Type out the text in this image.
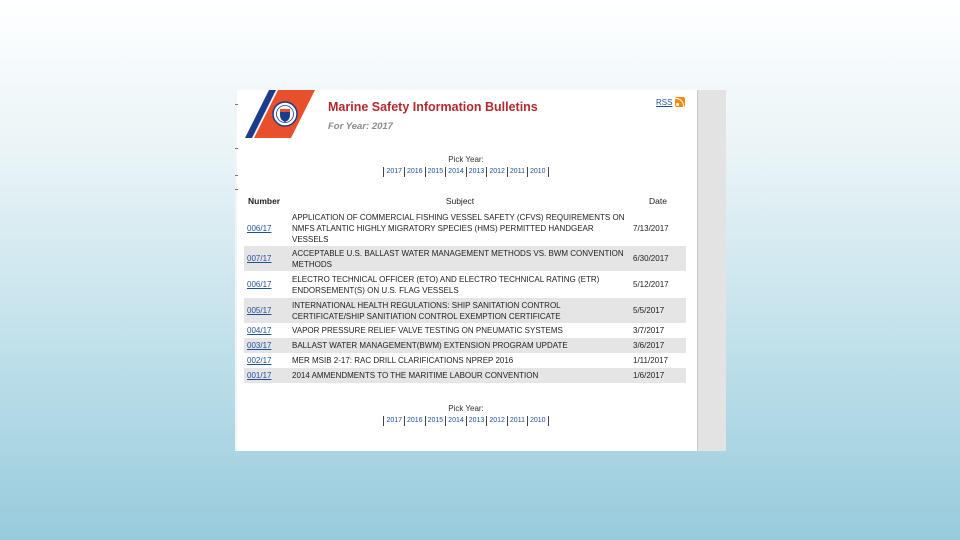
Marine Safety Information Bulletins
For Year: 2017
RSS
Pick Year:
2017 2016 2015 2014 2013 2012 2011 2010
Number	Subject	Date
006/17	APPLICATION OF COMMERCIAL FISHING VESSEL SAFETY (CFVS) REQUIREMENTS ON NMFS ATLANTIC HIGHLY MIGRATORY SPECIES (HMS) PERMITTED HANDGEAR VESSELS	7/13/2017
007/17	ACCEPTABLE U.S. BALLAST WATER MANAGEMENT METHODS VS. BWM CONVENTION METHODS	6/30/2017
006/17	ELECTRO TECHNICAL OFFICER (ETO) AND ELECTRO TECHNICAL RATING (ETR) ENDORSEMENT(S) ON U.S. FLAG VESSELS	5/12/2017
005/17	INTERNATIONAL HEALTH REGULATIONS: SHIP SANITATION CONTROL CERTIFICATE/SHIP SANITIATION CONTROL EXEMPTION CERTIFICATE	5/5/2017
004/17	VAPOR PRESSURE RELIEF VALVE TESTING ON PNEUMATIC SYSTEMS	3/7/2017
003/17	BALLAST WATER MANAGEMENT(BWM) EXTENSION PROGRAM UPDATE	3/6/2017
002/17	MER MSIB 2-17: RAC DRILL CLARIFICATIONS NPREP 2016	1/11/2017
001/17	2014 AMMENDMENTS TO THE MARITIME LABOUR CONVENTION	1/6/2017
Pick Year:
2017 2016 2015 2014 2013 2012 2011 2010
